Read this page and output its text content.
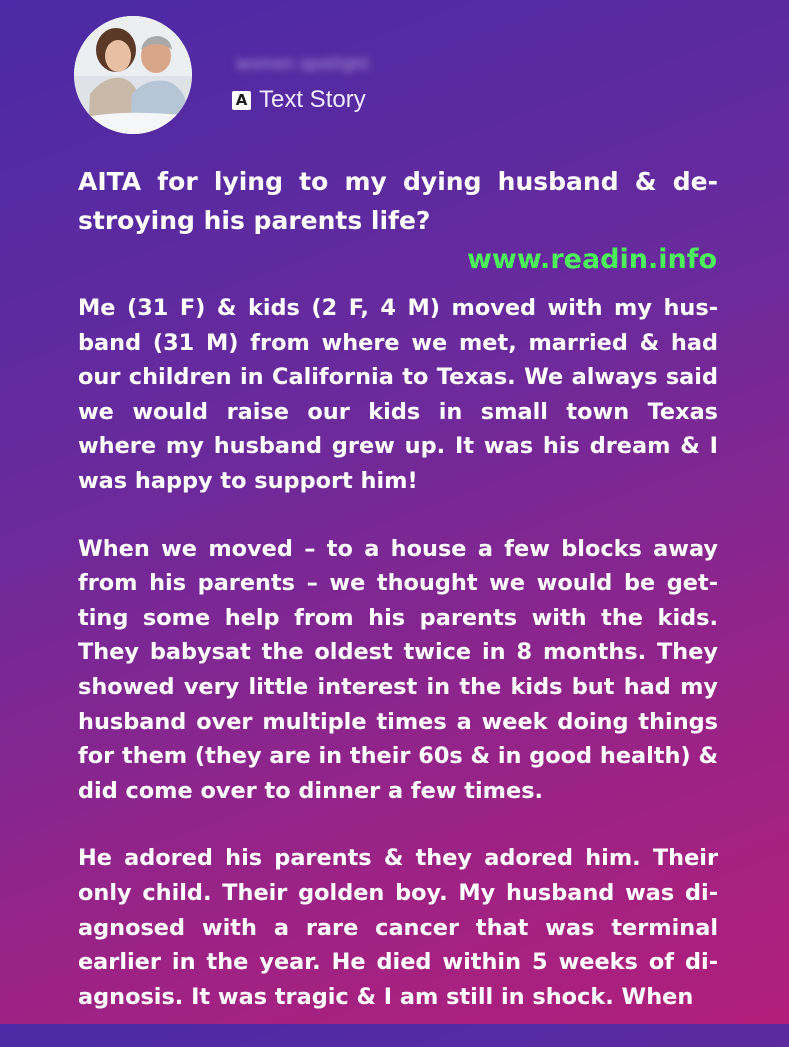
women spotlight
A Text Story
AITA for lying to my dying husband & destroying his parents life?
www.readin.info

Me (31 F) & kids (2 F, 4 M) moved with my husband (31 M) from where we met, married & had our children in California to Texas. We always said we would raise our kids in small town Texas where my husband grew up. It was his dream & I was happy to support him!

When we moved – to a house a few blocks away from his parents – we thought we would be getting some help from his parents with the kids. They babysat the oldest twice in 8 months. They showed very little interest in the kids but had my husband over multiple times a week doing things for them (they are in their 60s & in good health) & did come over to dinner a few times.

He adored his parents & they adored him. Their only child. Their golden boy. My husband was diagnosed with a rare cancer that was terminal earlier in the year. He died within 5 weeks of diagnosis. It was tragic & I am still in shock. When
